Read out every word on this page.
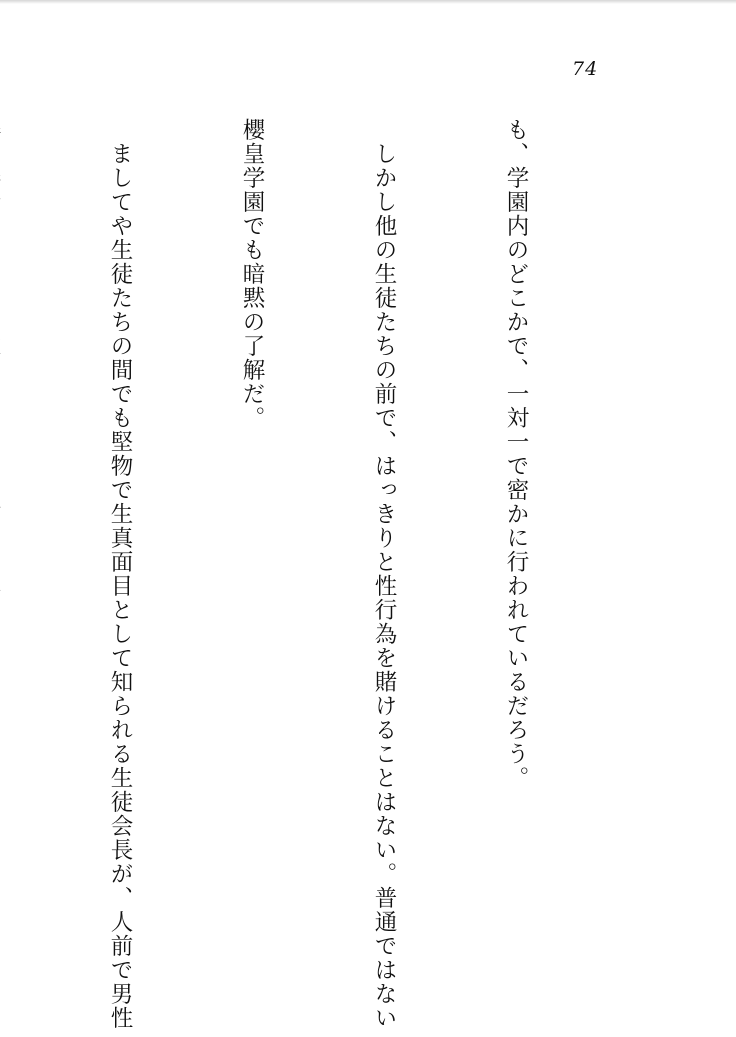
74

も、学園内のどこかで、一対一で密かに行われているだろう。

　しかし他の生徒たちの前で、はっきりと性行為を賭けることはない。普通ではない

櫻皇学園でも暗黙の了解だ。

　ましてや生徒たちの間でも堅物で生真面目として知られる生徒会長が、人前で男性
